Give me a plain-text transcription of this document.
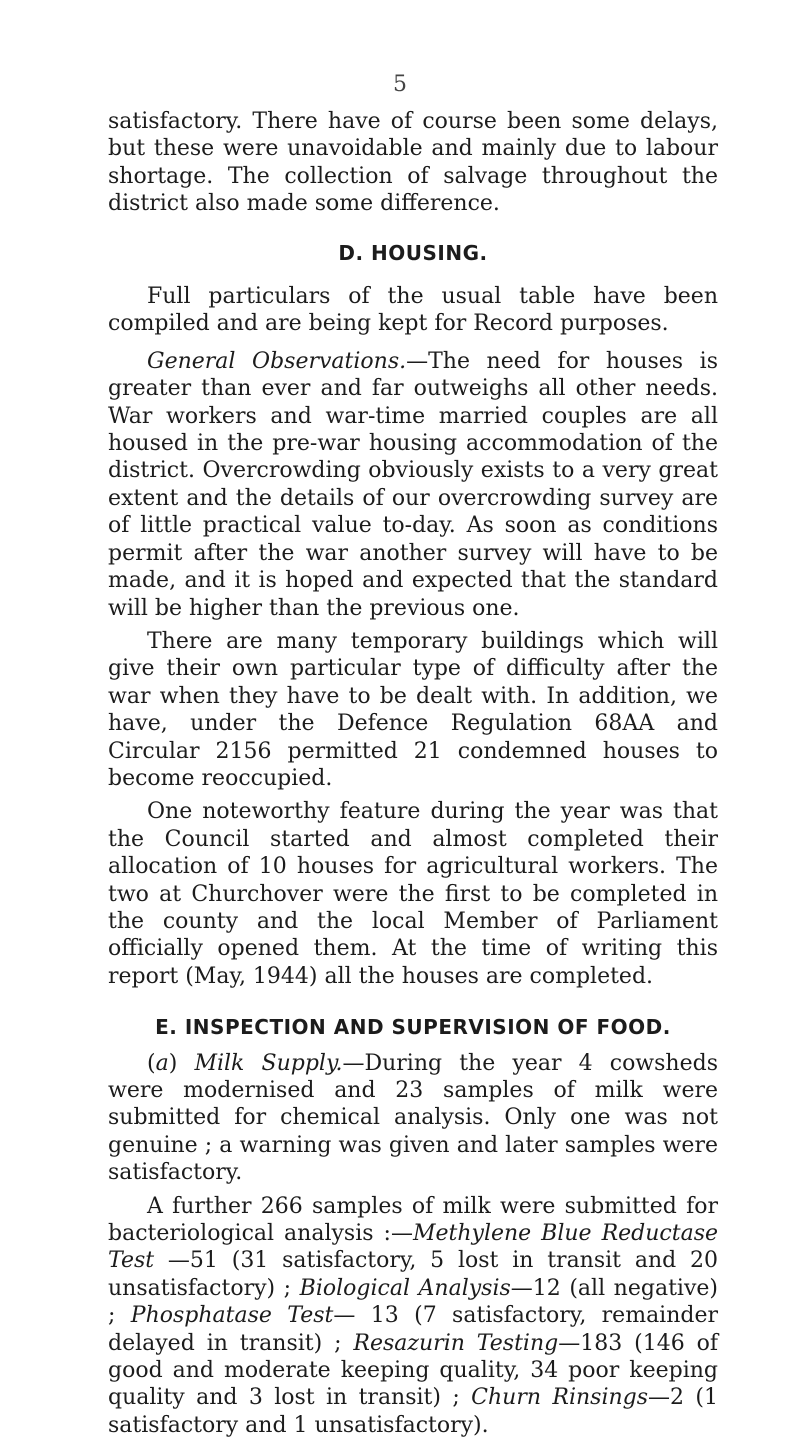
5

satisfactory. There have of course been some delays, but these were unavoidable and mainly due to labour shortage. The collection of salvage throughout the district also made some difference.

D. HOUSING.

Full particulars of the usual table have been compiled and are being kept for Record purposes.

General Observations.—The need for houses is greater than ever and far outweighs all other needs. War workers and war-time married couples are all housed in the pre-war housing accommodation of the district. Overcrowding obviously exists to a very great extent and the details of our overcrowding survey are of little practical value to-day. As soon as conditions permit after the war another survey will have to be made, and it is hoped and expected that the standard will be higher than the previous one.

There are many temporary buildings which will give their own particular type of difficulty after the war when they have to be dealt with. In addition, we have, under the Defence Regulation 68AA and Circular 2156 permitted 21 condemned houses to become reoccupied.

One noteworthy feature during the year was that the Council started and almost completed their allocation of 10 houses for agricultural workers. The two at Churchover were the first to be completed in the county and the local Member of Parliament officially opened them. At the time of writing this report (May, 1944) all the houses are completed.

E. INSPECTION AND SUPERVISION OF FOOD.

(a) Milk Supply.—During the year 4 cowsheds were modernised and 23 samples of milk were submitted for chemical analysis. Only one was not genuine ; a warning was given and later samples were satisfactory.

A further 266 samples of milk were submitted for bacteriological analysis :—Methylene Blue Reductase Test —51 (31 satisfactory, 5 lost in transit and 20 unsatisfactory) ; Biological Analysis—12 (all negative) ; Phosphatase Test— 13 (7 satisfactory, remainder delayed in transit) ; Resazurin Testing—183 (146 of good and moderate keeping quality, 34 poor keeping quality and 3 lost in transit) ; Churn Rinsings—2 (1 satisfactory and 1 unsatisfactory).
